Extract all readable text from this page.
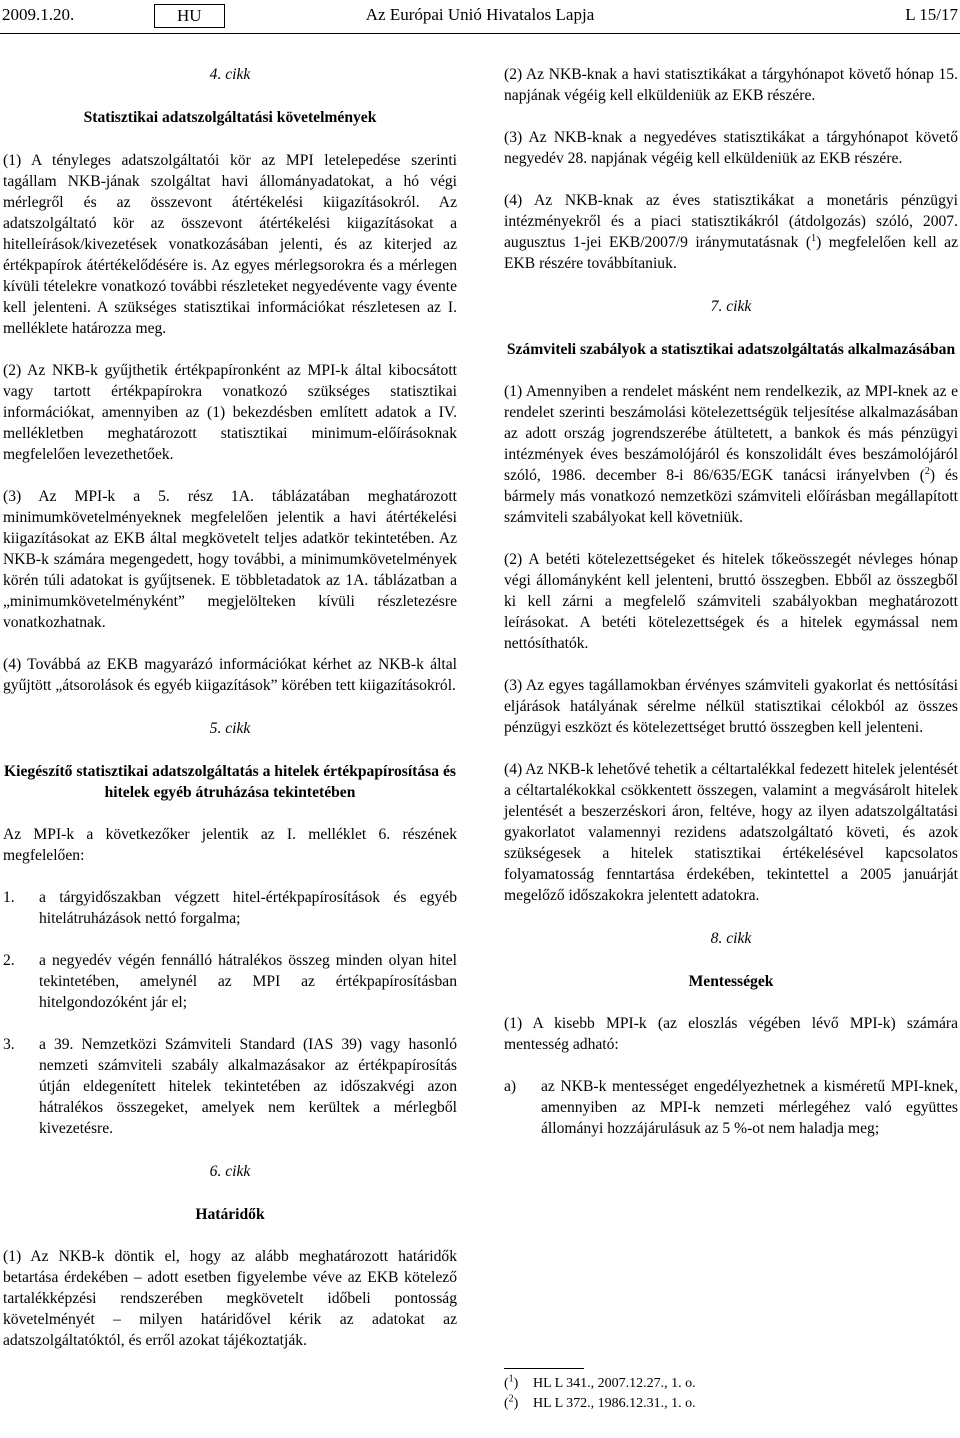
2009.1.20.	HU	Az Európai Unió Hivatalos Lapja	L 15/17

4. cikk

Statisztikai adatszolgáltatási követelmények

(1) A tényleges adatszolgáltatói kör az MPI letelepedése szerinti tagállam NKB-jának szolgáltat havi állományadatokat, a hó végi mérlegről és az összevont átértékelési kiigazításokról. Az adatszolgáltató kör az összevont átértékelési kiigazításokat a hitelleírások/kivezetések vonatkozásában jelenti, és az kiterjed az értékpapírok átértékelődésére is. Az egyes mérlegsorokra és a mérlegen kívüli tételekre vonatkozó további részleteket negyedévente vagy évente kell jelenteni. A szükséges statisztikai információkat részletesen az I. melléklete határozza meg.

(2) Az NKB-k gyűjthetik értékpapíronként az MPI-k által kibocsátott vagy tartott értékpapírokra vonatkozó szükséges statisztikai információkat, amennyiben az (1) bekezdésben említett adatok a IV. mellékletben meghatározott statisztikai minimum-előírásoknak megfelelően levezethetőek.

(3) Az MPI-k a 5. rész 1A. táblázatában meghatározott minimumkövetelményeknek megfelelően jelentik a havi átértékelési kiigazításokat az EKB által megkövetelt teljes adatkör tekintetében. Az NKB-k számára megengedett, hogy további, a minimumkövetelmények körén túli adatokat is gyűjtsenek. E többletadatok az 1A. táblázatban a „minimumkövetelményként” megjelölteken kívüli részletezésre vonatkozhatnak.

(4) Továbbá az EKB magyarázó információkat kérhet az NKB-k által gyűjtött „átsorolások és egyéb kiigazítások” körében tett kiigazításokról.

5. cikk

Kiegészítő statisztikai adatszolgáltatás a hitelek értékpapírosítása és hitelek egyéb átruházása tekintetében

Az MPI-k a következőker jelentik az I. melléklet 6. részének megfelelően:

1.	a tárgyidőszakban végzett hitel-értékpapírosítások és egyéb hitelátruházások nettó forgalma;
2.	a negyedév végén fennálló hátralékos összeg minden olyan hitel tekintetében, amelynél az MPI az értékpapírosításban hitelgondozóként jár el;
3.	a 39. Nemzetközi Számviteli Standard (IAS 39) vagy hasonló nemzeti számviteli szabály alkalmazásakor az értékpapírosítás útján eldegenített hitelek tekintetében az időszakvégi azon hátralékos összegeket, amelyek nem kerültek a mérlegből kivezetésre.

6. cikk

Határidők

(1) Az NKB-k döntik el, hogy az alább meghatározott határidők betartása érdekében – adott esetben figyelembe véve az EKB kötelező tartalékképzési rendszerében megkövetelt időbeli pontosság követelményét – milyen határidővel kérik az adatokat az adatszolgáltatóktól, és erről azokat tájékoztatják.

(2) Az NKB-knak a havi statisztikákat a tárgyhónapot követő hónap 15. napjának végéig kell elküldeniük az EKB részére.

(3) Az NKB-knak a negyedéves statisztikákat a tárgyhónapot követő negyedév 28. napjának végéig kell elküldeniük az EKB részére.

(4) Az NKB-knak az éves statisztikákat a monetáris pénzügyi intézményekről és a piaci statisztikákról (átdolgozás) szóló, 2007. augusztus 1-jei EKB/2007/9 iránymutatásnak ($^1$) megfelelően kell az EKB részére továbbítaniuk.

7. cikk

Számviteli szabályok a statisztikai adatszolgáltatás alkalmazásában

(1) Amennyiben a rendelet másként nem rendelkezik, az MPI-knek az e rendelet szerinti beszámolási kötelezettségük teljesítése alkalmazásában az adott ország jogrendszerébe átültetett, a bankok és más pénzügyi intézmények éves beszámolójáról és konszolidált éves beszámolójáról szóló, 1986. december 8-i 86/635/EGK tanácsi irányelvben ($^2$) és bármely más vonatkozó nemzetközi számviteli előírásban megállapított számviteli szabályokat kell követniük.

(2) A betéti kötelezettségeket és hitelek tőkeösszegét névleges hónap végi állományként kell jelenteni, bruttó összegben. Ebből az összegből ki kell zárni a megfelelő számviteli szabályokban meghatározott leírásokat. A betéti kötelezettségek és a hitelek egymással nem nettósíthatók.

(3) Az egyes tagállamokban érvényes számviteli gyakorlat és nettósítási eljárások hatályának sérelme nélkül statisztikai célokból az összes pénzügyi eszközt és kötelezettséget bruttó összegben kell jelenteni.

(4) Az NKB-k lehetővé tehetik a céltartalékkal fedezett hitelek jelentését a céltartalékokkal csökkentett összegen, valamint a megvásárolt hitelek jelentését a beszerzéskori áron, feltéve, hogy az ilyen adatszolgáltatási gyakorlatot valamennyi rezidens adatszolgáltató követi, és azok szükségesek a hitelek statisztikai értékelésével kapcsolatos folyamatosság fenntartása érdekében, tekintettel a 2005 januárját megelőző időszakokra jelentett adatokra.

8. cikk

Mentességek

(1) A kisebb MPI-k (az eloszlás végében lévő MPI-k) számára mentesség adható:

a)	az NKB-k mentességet engedélyezhetnek a kisméretű MPI-knek, amennyiben az MPI-k nemzeti mérlegéhez való együttes állományi hozzájárulásuk az 5 %-ot nem haladja meg;
($^1$)	HL L 341., 2007.12.27., 1. o.
($^2$)	HL L 372., 1986.12.31., 1. o.
